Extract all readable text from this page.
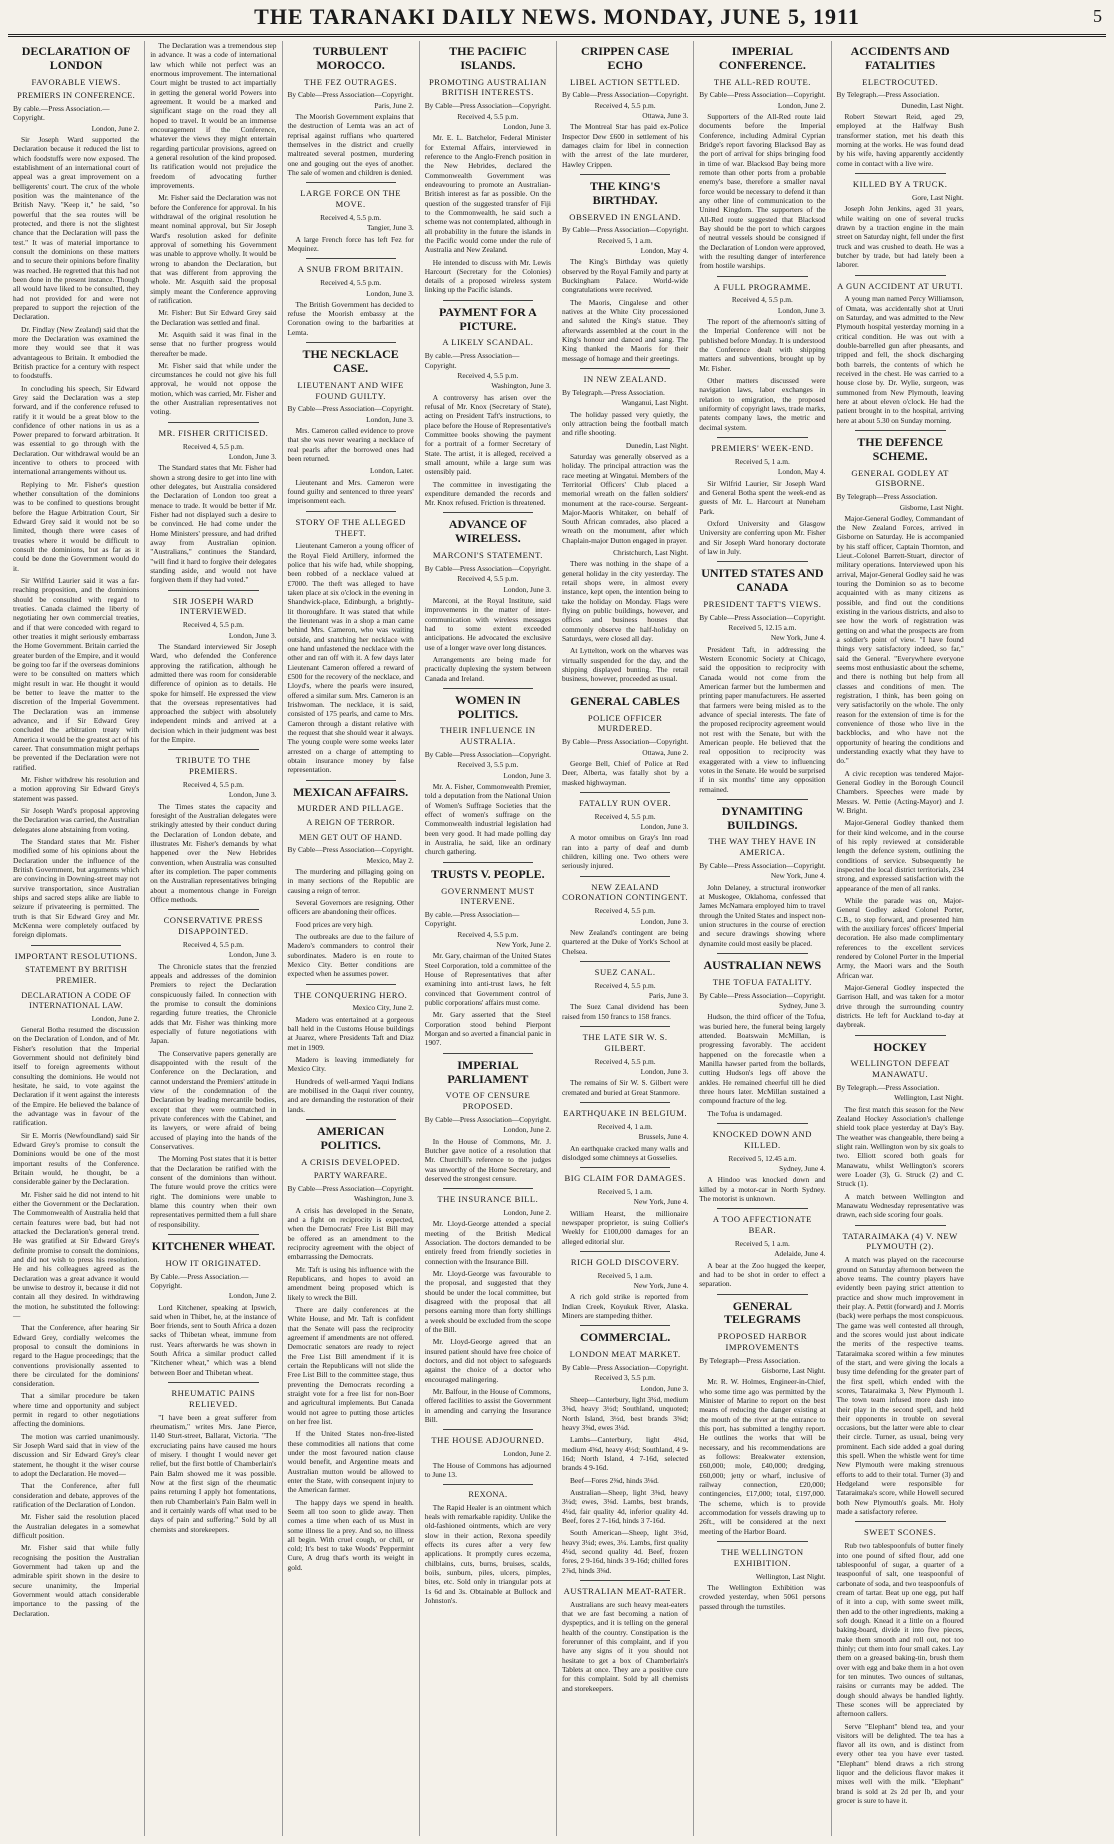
THE TARANAKI DAILY NEWS. MONDAY, JUNE 5, 1911	5
DECLARATION OF LONDON
FAVORABLE VIEWS.
PREMIERS IN CONFERENCE.
By cable.—Press Association.—Copyright.
London, June 2.

Sir Joseph Ward supported the Declaration because it reduced the list to which foodstuffs were now exposed. The establishment of an international court of appeal was a great improvement on a belligerents' court. The crux of the whole position was the maintenance of the British Navy. "Keep it," he said, "so powerful that the sea routes will be protected, and there is not the slightest chance that the Declaration will pass the test." It was of material importance to consult the dominions on these matters and to secure their opinions before finality was reached. He regretted that this had not been done in the present instance. Though all would have liked to be consulted, they had not provided for and were not prepared to support the rejection of the Declaration.

Dr. Findlay (New Zealand) said that the more the Declaration was examined the more they would see that it was advantageous to Britain. It embodied the British practice for a century with respect to foodstuffs.

In concluding his speech, Sir Edward Grey said the Declaration was a step forward, and if the conference refused to ratify it it would be a great blow to the confidence of other nations in us as a Power prepared to forward arbitration. It was essential to go through with the Declaration. Our withdrawal would be an incentive to others to proceed with international arrangements without us.

Replying to Mr. Fisher's question whether consultation of the dominions was to be confined to questions brought before the Hague Arbitration Court, Sir Edward Grey said it would not be so limited, though there were cases of treaties where it would be difficult to consult the dominions, but as far as it could be done the Government would do it.

Sir Wilfrid Laurier said it was a far-reaching proposition, and the dominions should be consulted with regard to treaties. Canada claimed the liberty of negotiating her own commercial treaties, and if that were conceded with regard to other treaties it might seriously embarrass the Home Government. Britain carried the greater burden of the Empire, and it would be going too far if the overseas dominions were to be consulted on matters which might result in war. He thought it would be better to leave the matter to the discretion of the Imperial Government. The Declaration was an immense advance, and if Sir Edward Grey concluded the arbitration treaty with America it would be the greatest act of his career. That consummation might perhaps be prevented if the Declaration were not ratified.

Mr. Fisher withdrew his resolution and a motion approving Sir Edward Grey's statement was passed.

Sir Joseph Ward's proposal approving the Declaration was carried, the Australian delegates alone abstaining from voting.

The Standard states that Mr. Fisher modified some of his opinions about the Declaration under the influence of the British Government, but arguments which are convincing in Downing-street may not survive transportation, since Australian ships and sacred steps alike are liable to seizure if privateering is permitted. The truth is that Sir Edward Grey and Mr. McKenna were completely outfaced by foreign diplomats.

IMPORTANT RESOLUTIONS.
STATEMENT BY BRITISH PREMIER.
DECLARATION A CODE OF INTERNATIONAL LAW.
London, June 2.

General Botha resumed the discussion on the Declaration of London, and of Mr. Fisher's resolution that the Imperial Government should not definitely bind itself to foreign agreements without consulting the dominions. He would not hesitate, he said, to vote against the Declaration if it went against the interests of the Empire. He believed the balance of the advantage was in favour of the ratification.

Sir E. Morris (Newfoundland) said Sir Edward Grey's promise to consult the Dominions would be one of the most important results of the Conference. Britain would, he thought, be a considerable gainer by the Declaration.

Mr. Fisher said he did not intend to hit either the Government or the Declaration. The Commonwealth of Australia held that certain features were bad, but had not attacked the Declaration's general trend. He was gratified at Sir Edward Grey's definite promise to consult the dominions, and did not wish to press his resolution. He and his colleagues agreed as the Declaration was a great advance it would be unwise to destroy it, because it did not contain all they desired. In withdrawing the motion, he substituted the following:—

That the Conference, after hearing Sir Edward Grey, cordially welcomes the proposal to consult the dominions in regard to the Hague proceedings; that the conventions provisionally assented to there be circulated for the dominions' consideration.

That a similar procedure be taken where time and opportunity and subject permit in regard to other negotiations affecting the dominions.

The motion was carried unanimously. Sir Joseph Ward said that in view of the discussion and Sir Edward Grey's clear statement, he thought it the wiser course to adopt the Declaration. He moved—

That the Conference, after full consideration and debate, approves of the ratification of the Declaration of London.

Mr. Fisher said the resolution placed the Australian delegates in a somewhat difficult position.

Mr. Fisher said that while fully recognising the position the Australian Government had taken up and the admirable spirit shown in the desire to secure unanimity, the Imperial Government would attach considerable importance to the passing of the Declaration.

The Declaration was a tremendous step in advance. It was a code of international law which while not perfect was an enormous improvement. The international Court might be trusted to act impartially in getting the general world Powers into agreement. It would be a marked and significant stage on the road they all hoped to travel. It would be an immense encouragement if the Conference, whatever the views they might entertain regarding particular provisions, agreed on a general resolution of the kind proposed. Its ratification would not prejudice the freedom of advocating further improvements.

Mr. Fisher said the Declaration was not before the Conference for approval. In his withdrawal of the original resolution he meant nominal approval, but Sir Joseph Ward's resolution asked for definite approval of something his Government was unable to approve wholly. It would be wrong to abandon the Declaration, but that was different from approving the whole. Mr. Asquith said the proposal simply meant the Conference approving of ratification.

Mr. Fisher: But Sir Edward Grey said the Declaration was settled and final.

Mr. Asquith said it was final in the sense that no further progress would thereafter be made.

Mr. Fisher said that while under the circumstances he could not give his full approval, he would not oppose the motion, which was carried, Mr. Fisher and the other Australian representatives not voting.

MR. FISHER CRITICISED.
Received 4, 5.5 p.m.
London, June 3.

The Standard states that Mr. Fisher had shown a strong desire to get into line with other delegates, but Australia considered the Declaration of London too great a menace to trade. It would be better if Mr. Fisher had not displayed such a desire to be convinced. He had come under the Home Ministers' pressure, and had drifted away from Australian opinion. "Australians," continues the Standard, "will find it hard to forgive their delegates standing aside, and would not have forgiven them if they had voted."

SIR JOSEPH WARD INTERVIEWED.
Received 4, 5.5 p.m.
London, June 3.

The Standard interviewed Sir Joseph Ward, who defended the Conference approving the ratification, although he admitted there was room for considerable difference of opinion as to details. He spoke for himself. He expressed the view that the overseas representatives had approached the subject with absolutely independent minds and arrived at a decision which in their judgment was best for the Empire.

TRIBUTE TO THE PREMIERS.
Received 4, 5.5 p.m.
London, June 3.

The Times states the capacity and foresight of the Australian delegates were strikingly attested by their conduct during the Declaration of London debate, and illustrates Mr. Fisher's demands by what happened over the New Hebrides convention, when Australia was consulted after its completion. The paper comments on the Australian representatives bringing about a momentous change in Foreign Office methods.

CONSERVATIVE PRESS DISAPPOINTED.
Received 4, 5.5 p.m.
London, June 3.

The Chronicle states that the frenzied appeals and addresses of the dominion Premiers to reject the Declaration conspicuously failed. In connection with the promise to consult the dominions regarding future treaties, the Chronicle adds that Mr. Fisher was thinking more especially of future negotiations with Japan.

The Conservative papers generally are disappointed with the result of the Conference on the Declaration, and cannot understand the Premiers' attitude in view of the condemnation of the Declaration by leading mercantile bodies, except that they were outmatched in private conferences with the Cabinet, and its lawyers, or were afraid of being accused of playing into the hands of the Conservatives.

The Morning Post states that it is better that the Declaration be ratified with the consent of the dominions than without. The future would prove the critics were right. The dominions were unable to blame this country when their own representatives permitted them a full share of responsibility.

KITCHENER WHEAT.
HOW IT ORIGINATED.
By Cable.—Press Association.—Copyright.
London, June 2.

Lord Kitchener, speaking at Ipswich, said when in Thibet, he, at the instance of Boer friends, sent to South Africa a dozen sacks of Thibetan wheat, immune from rust. Years afterwards he was shown in South Africa a similar product called "Kitchener wheat," which was a blend between Boer and Thibetan wheat.

RHEUMATIC PAINS RELIEVED.

"I have been a great sufferer from rheumatism," writes Mrs. Jane Pierce, 1140 Sturt-street, Ballarat, Victoria. "The excruciating pains have caused me hours of misery. I thought I would never get relief, but the first bottle of Chamberlain's Pain Balm showed me it was possible. Now at the first sign of the rheumatic pains returning I apply hot fomentations, then rub Chamberlain's Pain Balm well in and it certainly wards off what used to be days of pain and suffering." Sold by all chemists and storekeepers.

TURBULENT MOROCCO.
THE FEZ OUTRAGES.
By Cable—Press Association—Copyright.
Paris, June 2.

The Moorish Government explains that the destruction of Lemta was an act of reprisal against ruffians who quartered themselves in the district and cruelly maltreated several postmen, murdering one and gouging out the eyes of another. The sale of women and children is denied.

LARGE FORCE ON THE MOVE.
Received 4, 5.5 p.m.
Tangier, June 3.

A large French force has left Fez for Mequinez.

A SNUB FROM BRITAIN.
Received 4, 5.5 p.m.
London, June 3.

The British Government has decided to refuse the Moorish embassy at the Coronation owing to the barbarities at Lemta.

THE NECKLACE CASE.
LIEUTENANT AND WIFE FOUND GUILTY.
By Cable—Press Association—Copyright.
London, June 3.

Mrs. Cameron called evidence to prove that she was never wearing a necklace of real pearls after the borrowed ones had been returned.

London, Later.

Lieutenant and Mrs. Cameron were found guilty and sentenced to three years' imprisonment each.

STORY OF THE ALLEGED THEFT.

Lieutenant Cameron a young officer of the Royal Field Artillery, informed the police that his wife had, while shopping, been robbed of a necklace valued at £7000. The theft was alleged to have taken place at six o'clock in the evening in Shandwick-place, Edinburgh, a brightly-lit thoroughfare. It was stated that while the lieutenant was in a shop a man came behind Mrs. Cameron, who was waiting outside, and snatching her necklace with one hand unfastened the necklace with the other and ran off with it. A few days later Lieutenant Cameron offered a reward of £500 for the recovery of the necklace, and Lloyd's, where the pearls were insured, offered a similar sum. Mrs. Cameron is an Irishwoman. The necklace, it is said, consisted of 175 pearls, and came to Mrs. Cameron through a distant relative with the request that she should wear it always. The young couple were some weeks later arrested on a charge of attempting to obtain insurance money by false representation.

MEXICAN AFFAIRS.
MURDER AND PILLAGE.
A REIGN OF TERROR.
MEN GET OUT OF HAND.
By Cable—Press Association—Copyright.
Mexico, May 2.

The murdering and pillaging going on in many sections of the Republic are causing a reign of terror.

Several Governors are resigning. Other officers are abandoning their offices.

Food prices are very high.

The outbreaks are due to the failure of Madero's commanders to control their subordinates. Madero is en route to Mexico City. Better conditions are expected when he assumes power.

THE CONQUERING HERO.
Mexico City, June 2.

Madero was entertained at a gorgeous ball held in the Customs House buildings at Juarez, where Presidents Taft and Diaz met in 1909.

Madero is leaving immediately for Mexico City.

Hundreds of well-armed Yaqui Indians are mobilised in the Oaqui river country, and are demanding the restoration of their lands.

AMERICAN POLITICS.
A CRISIS DEVELOPED.
PARTY WARFARE.
By Cable—Press Association—Copyright.
Washington, June 3.

A crisis has developed in the Senate, and a fight on reciprocity is expected, when the Democrats' Free List Bill may be offered as an amendment to the reciprocity agreement with the object of embarrassing the Democrats.

Mr. Taft is using his influence with the Republicans, and hopes to avoid an amendment being proposed which is likely to wreck the Bill.

There are daily conferences at the White House, and Mr. Taft is confident that the Senate will pass the reciprocity agreement if amendments are not offered. Democratic senators are ready to reject the Free List Bill amendment if it is certain the Republicans will not slide the Free List Bill to the committee stage, thus preventing the Democrats recording a straight vote for a free list for non-Boer and agricultural implements. But Canada would not agree to putting those articles on her free list.

If the United States non-free-listed these commodities all nations that come under the most favoured nation clause would benefit, and Argentine meats and Australian mutton would be allowed to enter the State, with consequent injury to the American farmer.

The happy days we spend in health. Seem all too soon to glide away. Then comes a time when each of us Must in some illness lie a prey. And so, no illness all begin. With cruel cough, or chill, or cold; It's best to take Woods' Peppermint Cure, A drug that's worth its weight in gold.

THE PACIFIC ISLANDS.
PROMOTING AUSTRALIAN BRITISH INTERESTS.
By Cable—Press Association—Copyright.
Received 4, 5.5 p.m.
London, June 3.

Mr. E. L. Batchelor, Federal Minister for External Affairs, interviewed in reference to the Anglo-French position in the New Hebrides, declared the Commonwealth Government was endeavouring to promote an Australian-British interest as far as possible. On the question of the suggested transfer of Fiji to the Commonwealth, he said such a scheme was not contemplated, although in all probability in the future the islands in the Pacific would come under the rule of Australia and New Zealand.

He intended to discuss with Mr. Lewis Harcourt (Secretary for the Colonies) details of a proposed wireless system linking up the Pacific islands.

PAYMENT FOR A PICTURE.
A LIKELY SCANDAL.
By cable.—Press Association—Copyright.
Received 4, 5.5 p.m.
Washington, June 3.

A controversy has arisen over the refusal of Mr. Knox (Secretary of State), acting on President Taft's instructions, to place before the House of Representative's Committee books showing the payment for a portrait of a former Secretary of State. The artist, it is alleged, received a small amount, while a large sum was ostensibly paid.

The committee in investigating the expenditure demanded the records and Mr. Knox refused. Friction is threatened.

ADVANCE OF WIRELESS.
MARCONI'S STATEMENT.
By Cable—Press Association—Copyright.
Received 4, 5.5 p.m.
London, June 3.

Marconi, at the Royal Institute, said improvements in the matter of inter-communication with wireless messages had to some extent exceeded anticipations. He advocated the exclusive use of a longer wave over long distances.

Arrangements are being made for practically duplexing the system between Canada and Ireland.

WOMEN IN POLITICS.
THEIR INFLUENCE IN AUSTRALIA.
By Cable—Press Association—Copyright.
Received 3, 5.5 p.m.
London, June 3.

Mr. A. Fisher, Commonwealth Premier, told a deputation from the National Union of Women's Suffrage Societies that the effect of women's suffrage on the Commonwealth industrial legislation had been very good. It had made polling day in Australia, he said, like an ordinary church gathering.

TRUSTS V. PEOPLE.
GOVERNMENT MUST INTERVENE.
By cable.—Press Association—Copyright.
Received 4, 5.5 p.m.
New York, June 2.

Mr. Gary, chairman of the United States Steel Corporation, told a committee of the House of Representatives that after examining into anti-trust laws, he felt convinced that Government control of public corporations' affairs must come.

Mr. Gary asserted that the Steel Corporation stood behind Pierpont Morgan and so averted a financial panic in 1907.

IMPERIAL PARLIAMENT
VOTE OF CENSURE PROPOSED.
By Cable—Press Association—Copyright.
London, June 2.

In the House of Commons, Mr. J. Butcher gave notice of a resolution that Mr. Churchill's reference to the judges was unworthy of the Home Secretary, and deserved the strongest censure.

THE INSURANCE BILL.
London, June 2.

Mr. Lloyd-George attended a special meeting of the British Medical Association. The doctors demanded to be entirely freed from friendly societies in connection with the Insurance Bill.

Mr. Lloyd-George was favourable to the proposal, and suggested that they should be under the local committee, but disagreed with the proposal that all persons earning more than forty shillings a week should be excluded from the scope of the Bill.

Mr. Lloyd-George agreed that an insured patient should have free choice of doctors, and did not object to safeguards against the choice of a doctor who encouraged malingering.

Mr. Balfour, in the House of Commons, offered facilities to assist the Government in amending and carrying the Insurance Bill.

THE HOUSE ADJOURNED.
London, June 2.

The House of Commons has adjourned to June 13.

REXONA.

The Rapid Healer is an ointment which heals with remarkable rapidity. Unlike the old-fashioned ointments, which are very slow in their action, Rexona speedily effects its cures after a very few applications. It promptly cures eczema, chilblains, cuts, burns, bruises, scalds, boils, sunburn, piles, ulcers, pimples, bites, etc. Sold only in triangular pots at 1s 6d and 3s. Obtainable at Bullock and Johnston's.

CRIPPEN CASE ECHO
LIBEL ACTION SETTLED.
By Cable—Press Association—Copyright.
Received 4, 5.5 p.m.
Ottawa, June 3.

The Montreal Star has paid ex-Police Inspector Dew £600 in settlement of his damages claim for libel in connection with the arrest of the late murderer, Hawley Crippen.

THE KING'S BIRTHDAY.
OBSERVED IN ENGLAND.
By Cable—Press Association—Copyright.
Received 5, 1 a.m.
London, May 4.

The King's Birthday was quietly observed by the Royal Family and party at Buckingham Palace. World-wide congratulations were received.

The Maoris, Cingalese and other natives at the White City processioned and saluted the King's statue. They afterwards assembled at the court in the King's honour and danced and sang. The King thanked the Maoris for their message of homage and their greetings.

IN NEW ZEALAND.
By Telegraph.—Press Association.
Wanganui, Last Night.

The holiday passed very quietly, the only attraction being the football match and rifle shooting.

Dunedin, Last Night.

Saturday was generally observed as a holiday. The principal attraction was the race meeting at Wingatui. Members of the Territorial Officers' Club placed a memorial wreath on the fallen soldiers' monument at the race-course. Sergeant-Major-Maoris Whitaker, on behalf of South African comrades, also placed a wreath on the monument, after which Chaplain-major Dutton engaged in prayer.

Christchurch, Last Night.

There was nothing in the shape of a general holiday in the city yesterday. The retail shops were, in almost every instance, kept open, the intention being to take the holiday on Monday. Flags were flying on public buildings, however, and offices and business houses that commonly observe the half-holiday on Saturdays, were closed all day.

At Lyttelton, work on the wharves was virtually suspended for the day, and the shipping displayed bunting. The retail business, however, proceeded as usual.

GENERAL CABLES
POLICE OFFICER MURDERED.
By Cable—Press Association—Copyright.
Ottawa, June 2.

George Bell, Chief of Police at Red Deer, Alberta, was fatally shot by a masked highwayman.

FATALLY RUN OVER.
Received 4, 5.5 p.m.
London, June 3.

A motor omnibus on Gray's Inn road ran into a party of deaf and dumb children, killing one. Two others were seriously injured.

NEW ZEALAND CORONATION CONTINGENT.
Received 4, 5.5 p.m.
London, June 3.

New Zealand's contingent are being quartered at the Duke of York's School at Chelsea.

SUEZ CANAL.
Received 4, 5.5 p.m.
Paris, June 3.

The Suez Canal dividend has been raised from 150 francs to 158 francs.

THE LATE SIR W. S. GILBERT.
Received 4, 5.5 p.m.
London, June 3.

The remains of Sir W. S. Gilbert were cremated and buried at Great Stanmore.

EARTHQUAKE IN BELGIUM.
Received 4, 1 a.m.
Brussels, June 4.

An earthquake cracked many walls and dislodged some chimneys at Gosselies.

BIG CLAIM FOR DAMAGES.
Received 5, 1 a.m.
New York, June 4.

William Hearst, the millionaire newspaper proprietor, is suing Collier's Weekly for £100,000 damages for an alleged editorial slur.

RICH GOLD DISCOVERY.
Received 5, 1 a.m.
New York, June 4.

A rich gold strike is reported from Indian Creek, Koyukuk River, Alaska. Miners are stampeding thither.

COMMERCIAL.
LONDON MEAT MARKET.
By Cable—Press Association—Copyright.
Received 3, 5.5 p.m.
London, June 3.

Sheep—Canterbury, light 3¾d, medium 3⅝d, heavy 3½d; Southland, unquoted; North Island, 3½d, best brands 3⅝d; heavy 3⅜d, ewes 3¼d.

Lambs—Canterbury, light 4¾d, medium 4⅝d, heavy 4½d; Southland, 4 9-16d; North Island, 4 7-16d, selected brands 4 9-16d.

Beef—Fores 2⅜d, hinds 3⅛d.

Australian—Sheep, light 3⅜d, heavy 3¼d; ewes, 3⅛d. Lambs, best brands, 4¼d, fair quality 4d, inferior quality 4d. Beef, fores 2 7-16d, hinds 3 7-16d.

South American—Sheep, light 3½d, heavy 3¼d; ewes, 3¼. Lambs, first quality 4¼d, second quality 4d. Beef, frozen fores, 2 9-16d, hinds 3 9-16d; chilled fores 2⅞d, hinds 3⅜d.

AUSTRALIAN MEAT-RATER.

Australians are such heavy meat-eaters that we are fast becoming a nation of dyspeptics, and it is telling on the general health of the country. Constipation is the forerunner of this complaint, and if you have any signs of it you should not hesitate to get a box of Chamberlain's Tablets at once. They are a positive cure for this complaint. Sold by all chemists and storekeepers.

IMPERIAL CONFERENCE.
THE ALL-RED ROUTE.
By Cable—Press Association—Copyright.
London, June 2.

Supporters of the All-Red route laid documents before the Imperial Conference, including Admiral Cyprian Bridge's report favoring Blacksod Bay as the port of arrival for ships bringing food in time of war. Blacksod Bay being more remote than other ports from a probable enemy's base, therefore a smaller naval force would be necessary to defend it than any other line of communication to the United Kingdom. The supporters of the All-Red route suggested that Blacksod Bay should be the port to which cargoes of neutral vessels should be consigned if the Declaration of London were approved, with the resulting danger of interference from hostile warships.

A FULL PROGRAMME.
Received 4, 5.5 p.m.
London, June 3.

The report of the afternoon's sitting of the Imperial Conference will not be published before Monday. It is understood the Conference dealt with shipping matters and subventions, brought up by Mr. Fisher.

Other matters discussed were navigation laws, labor exchanges in relation to emigration, the proposed uniformity of copyright laws, trade marks, patents company laws, the metric and decimal system.

PREMIERS' WEEK-END.
Received 5, 1 a.m.
London, May 4.

Sir Wilfrid Laurier, Sir Joseph Ward and General Botha spent the week-end as guests of Mr. L. Harcourt at Nuneham Park.

Oxford University and Glasgow University are conferring upon Mr. Fisher and Sir Joseph Ward honorary doctorate of law in July.

UNITED STATES AND CANADA
PRESIDENT TAFT'S VIEWS.
By Cable—Press Association—Copyright.
Received 5, 12.15 a.m.
New York, June 4.

President Taft, in addressing the Western Economic Society at Chicago, said the opposition to reciprocity with Canada would not come from the American farmer but the lumbermen and printing paper manufacturers. He asserted that farmers were being misled as to the advance of special interests. The fate of the proposed reciprocity agreement would not rest with the Senate, but with the American people. He believed that the real opposition to reciprocity was exaggerated with a view to influencing votes in the Senate. He would be surprised if in six months' time any opposition remained.

DYNAMITING BUILDINGS.
THE WAY THEY HAVE IN AMERICA.
By Cable—Press Association—Copyright.
New York, June 4.

John Delaney, a structural ironworker at Muskogee, Oklahoma, confessed that James McNamara employed him to travel through the United States and inspect non-union structures in the course of erection and secure drawings showing where dynamite could most easily be placed.

AUSTRALIAN NEWS
THE TOFUA FATALITY.
By Cable—Press Association—Copyright.
Sydney, June 3.

Hudson, the third officer of the Tofua, was buried here, the funeral being largely attended. Boatswain McMillan, is progressing favorably. The accident happened on the forecastle when a Manilla hawser parted from the bollards, cutting Hudson's legs off above the ankles. He remained cheerful till he died three hours later. McMillan sustained a compound fracture of the leg.

The Tofua is undamaged.

KNOCKED DOWN AND KILLED.
Received 5, 12.45 a.m.
Sydney, June 4.

A Hindoo was knocked down and killed by a motor-car in North Sydney. The motorist is unknown.

A TOO AFFECTIONATE BEAR.
Received 5, 1 a.m.
Adelaide, June 4.

A bear at the Zoo hugged the keeper, and had to be shot in order to effect a separation.

GENERAL TELEGRAMS
PROPOSED HARBOR IMPROVEMENTS
By Telegraph—Press Association.
Gisborne, Last Night.

Mr. R. W. Holmes, Engineer-in-Chief, who some time ago was permitted by the Minister of Marine to report on the best means of reducing the danger existing at the mouth of the river at the entrance to this port, has submitted a lengthy report. He outlines the works that will be necessary, and his recommendations are as follows: Breakwater extension, £60,000; mole, £40,000; dredging, £60,000; jetty or wharf, inclusive of railway connection, £20,000; contingencies, £17,000; total, £197,000. The scheme, which is to provide accommodation for vessels drawing up to 26ft., will be considered at the next meeting of the Harbor Board.

THE WELLINGTON EXHIBITION.
Wellington, Last Night.

The Wellington Exhibition was crowded yesterday, when 5061 persons passed through the turnstiles.

ACCIDENTS AND FATALITIES
ELECTROCUTED.
By Telegraph.—Press Association.
Dunedin, Last Night.

Robert Stewart Reid, aged 29, employed at the Halfway Bush transformer station, met his death this morning at the works. He was found dead by his wife, having apparently accidently come in contact with a live wire.

KILLED BY A TRUCK.
Gore, Last Night.

Joseph John Jenkins, aged 31 years, while waiting on one of several trucks drawn by a traction engine in the main street on Saturday night, fell under the first truck and was crushed to death. He was a butcher by trade, but had lately been a laborer.

A GUN ACCIDENT AT URUTI.

A young man named Percy Williamson, of Omata, was accidentally shot at Uruti on Saturday, and was admitted to the New Plymouth hospital yesterday morning in a critical condition. He was out with a double-barrelled gun after pheasants, and tripped and fell, the shock discharging both barrels, the contents of which he received in the chest. He was carried to a house close by. Dr. Wylie, surgeon, was summoned from New Plymouth, leaving here at about eleven o'clock. He had the patient brought in to the hospital, arriving here at about 5.30 on Sunday morning.

THE DEFENCE SCHEME.
GENERAL GODLEY AT GISBORNE.
By Telegraph—Press Association.
Gisborne, Last Night.

Major-General Godley, Commandant of the New Zealand Forces, arrived in Gisborne on Saturday. He is accompanied by his staff officer, Captain Thornton, and Lieut.-Colonel Barrett-Stuart, director of military operations. Interviewed upon his arrival, Major-General Godley said he was touring the Dominion so as to become acquainted with as many citizens as possible, and find out the conditions existing in the various districts, and also to see how the work of registration was getting on and what the prospects are from a soldier's point of view. "I have found things very satisfactory indeed, so far," said the General. "Everywhere everyone seems most enthusiastic about the scheme, and there is nothing but help from all classes and conditions of men. The registration, I think, has been going on very satisfactorily on the whole. The only reason for the extension of time is for the convenience of those who live in the backblocks, and who have not the opportunity of hearing the conditions and understanding exactly what they have to do."

A civic reception was tendered Major-General Godley in the Borough Council Chambers. Speeches were made by Messrs. W. Pettie (Acting-Mayor) and J. W. Bright.

Major-General Godley thanked them for their kind welcome, and in the course of his reply reviewed at considerable length the defence system, outlining the conditions of service. Subsequently he inspected the local district territorials, 234 strong, and expressed satisfaction with the appearance of the men of all ranks.

While the parade was on, Major-General Godley asked Colonel Porter, C.B., to step forward, and presented him with the auxiliary forces' officers' Imperial decoration. He also made complimentary references to the excellent services rendered by Colonel Porter in the Imperial Army, the Maori wars and the South African war.

Major-General Godley inspected the Garrison Hall, and was taken for a motor drive through the surrounding country districts. He left for Auckland to-day at daybreak.

HOCKEY
WELLINGTON DEFEAT MANAWATU.
By Telegraph.—Press Association.
Wellington, Last Night.

The first match this season for the New Zealand Hockey Association's challenge shield took place yesterday at Day's Bay. The weather was changeable, there being a slight rain. Wellington won by six goals to two. Elliott scored both goals for Manawatu, whilst Wellington's scorers were Loader (3), G. Struck (2) and C. Struck (1).

A match between Wellington and Manawatu Wednesday representative was drawn, each side scoring four goals.

TATARAIMAKA (4) V. NEW PLYMOUTH (2).

A match was played on the racecourse ground on Saturday afternoon between the above teams. The country players have evidently been paying strict attention to practice and show much improvement in their play. A. Pettit (forward) and J. Morris (back) were perhaps the most conspicuous. The game was well contested all through, and the scores would just about indicate the merits of the respective teams. Tataraimaka scored within a few minutes of the start, and were giving the locals a busy time defending for the greater part of the first spell, which ended with the scores, Tataraimaka 3, New Plymouth 1. The town team infused more dash into their play in the second spell, and held their opponents in trouble on several occasions, but the latter were able to clear their circle. Turner, as usual, being very prominent. Each side added a goal during this spell. When the whistle went for time New Plymouth were making strenuous efforts to add to their total. Turner (3) and Hedgeland were responsible for Tataraimaka's score, while Howell secured both New Plymouth's goals. Mr. Holy made a satisfactory referee.

SWEET SCONES.

Rub two tablespoonfuls of butter finely into one pound of sifted flour, add one tablespoonful of sugar, a quarter of a teaspoonful of salt, one teaspoonful of carbonate of soda, and two teaspoonfuls of cream of tartar. Beat up one egg, put half of it into a cup, with some sweet milk, then add to the other ingredients, making a soft dough. Knead it a little on a floured baking-board, divide it into five pieces, make them smooth and roll out, not too thinly; cut them into four small cakes. Lay them on a greased baking-tin, brush them over with egg and bake them in a hot oven for ten minutes. Two ounces of sultanas, raisins or currants may be added. The dough should always be handled lightly. These scones will be appreciated by afternoon callers.

Serve "Elephant" blend tea, and your visitors will be delighted. The tea has a flavor all its own, and is distinct from every other tea you have ever tasted. "Elephant" blend draws a rich strong liquor and the delicious flavor makes it mixes well with the milk. "Elephant" brand is sold at 2s 2d per lb, and your grocer is sure to have it.
